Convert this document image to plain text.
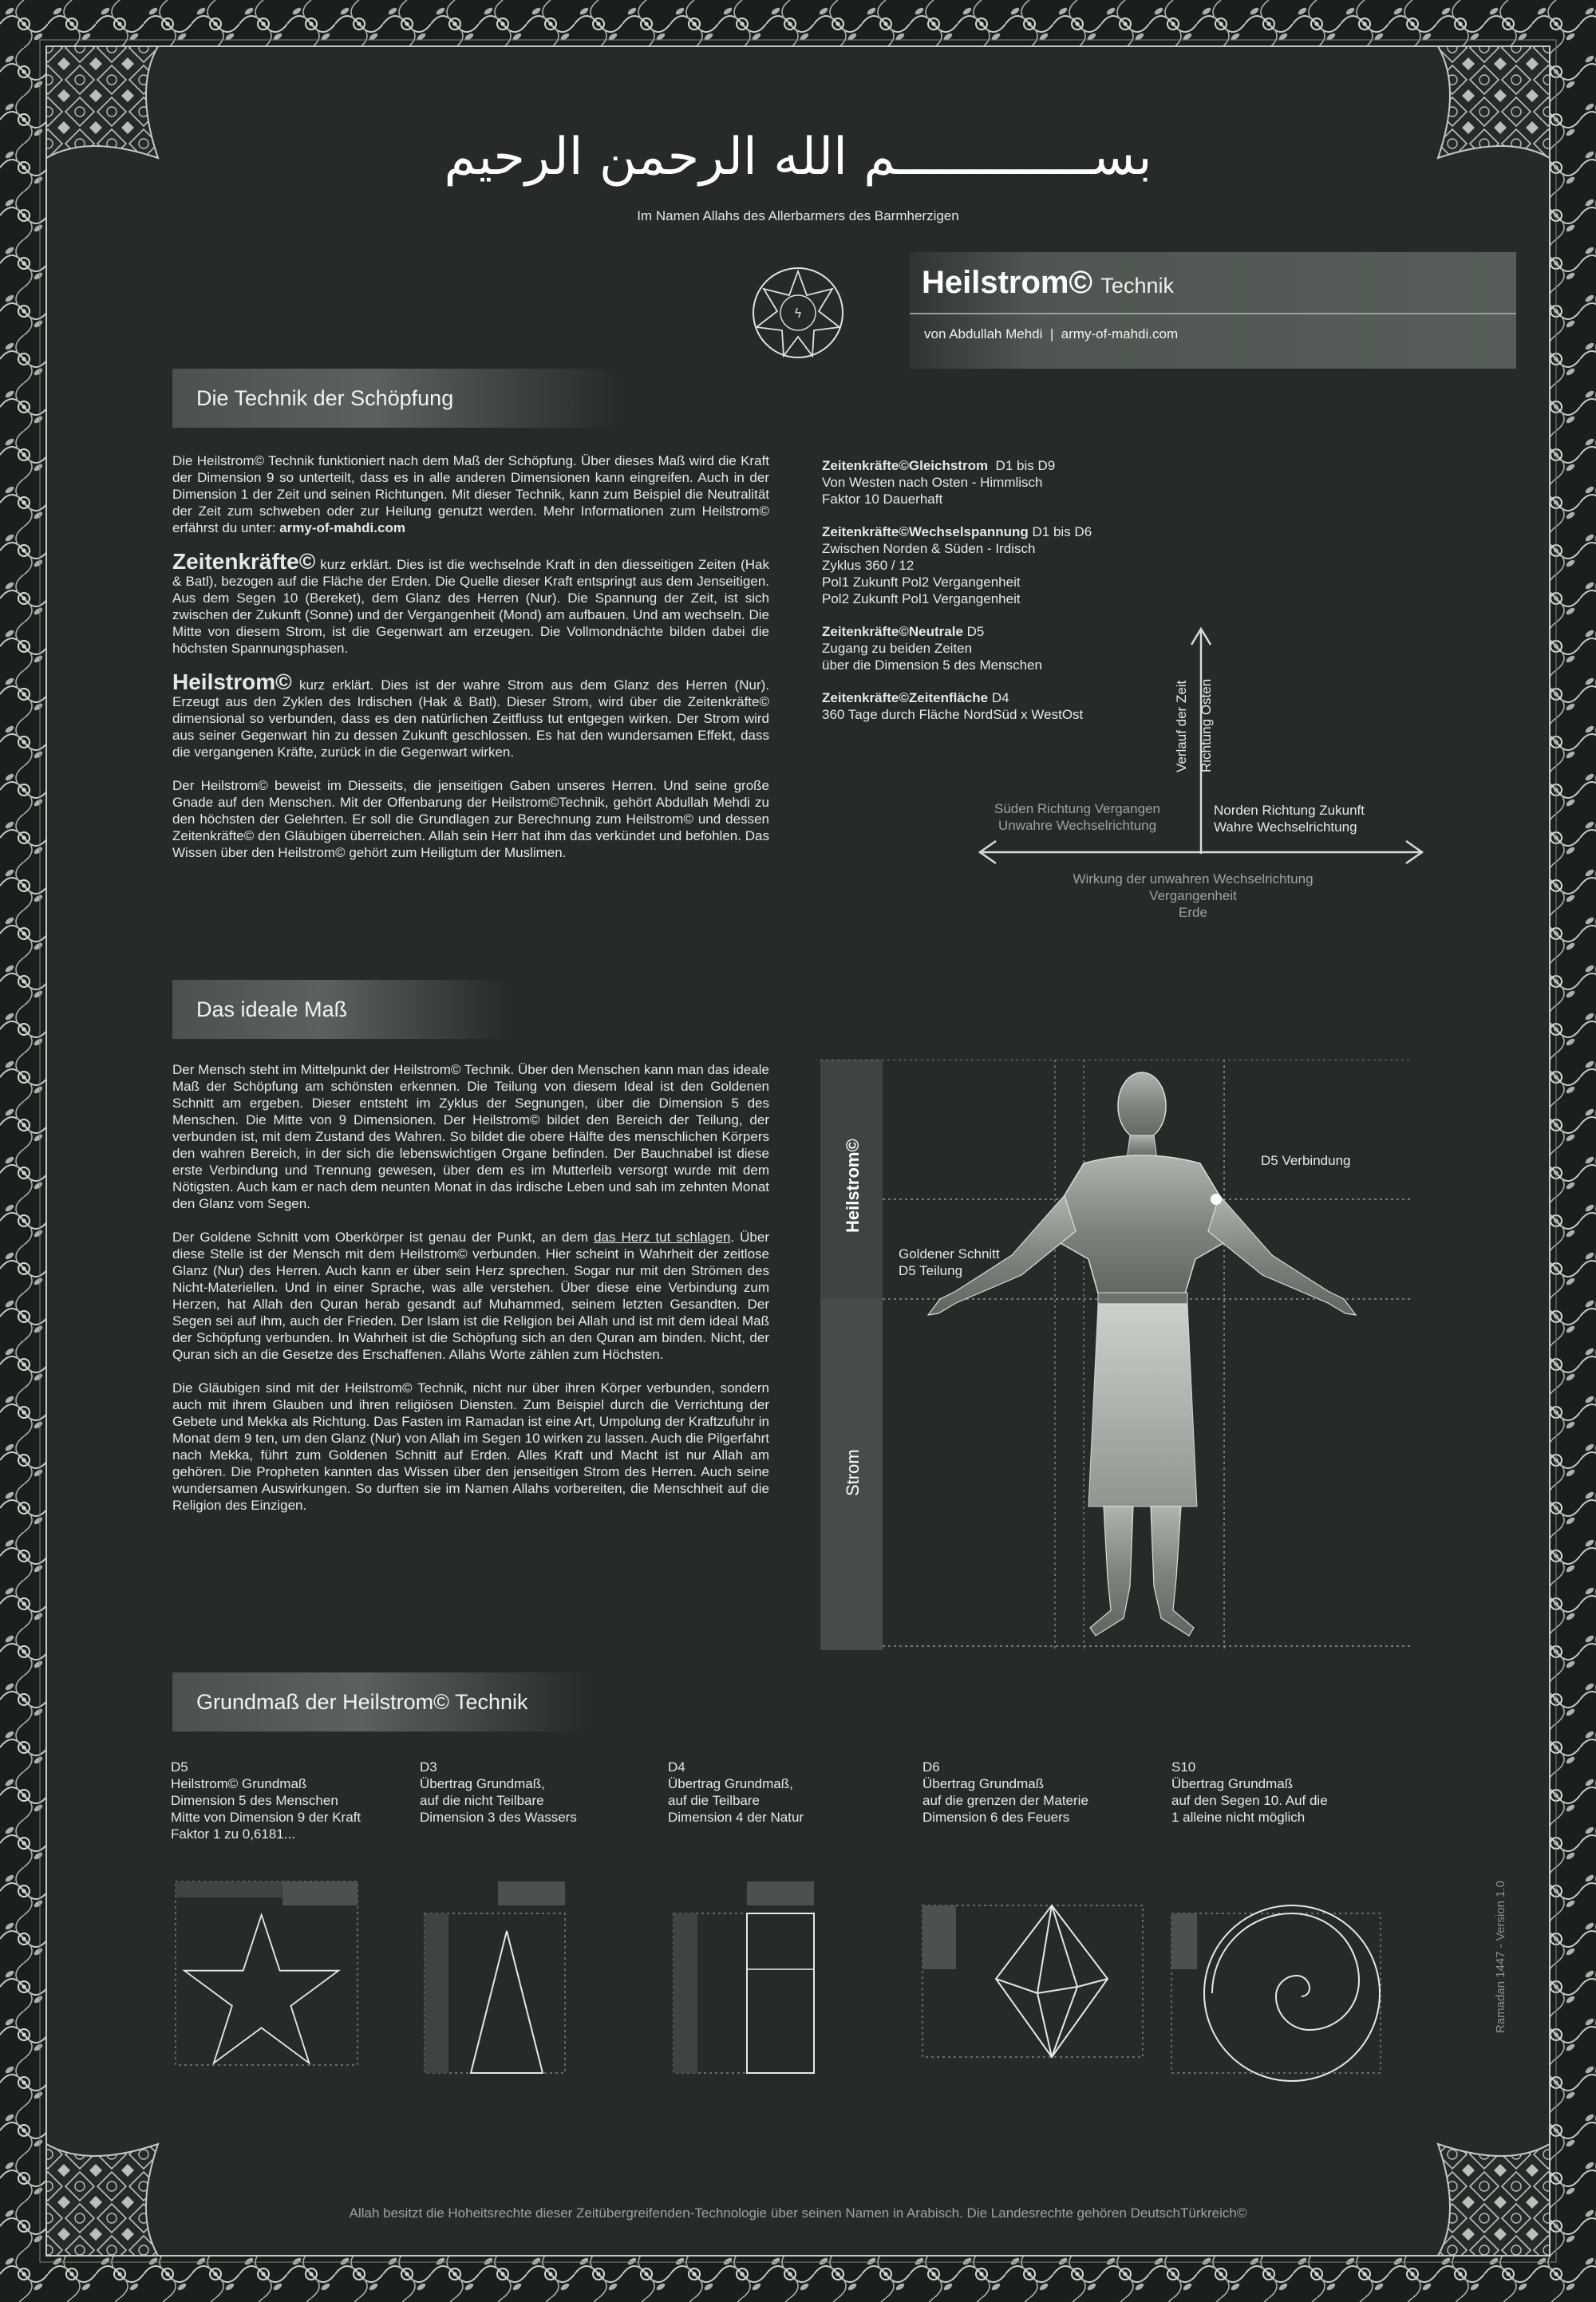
بســـــــــــــم الله الرحمن الرحيم
Im Namen Allahs des Allerbarmers des Barmherzigen
ϟ
Heilstrom© Technik
von Abdullah Mehdi  |  army-of-mahdi.com
Die Technik der Schöpfung

Die Heilstrom© Technik funktioniert nach dem Maß der Schöpfung. Über dieses Maß wird die Kraft der Dimension 9 so unterteilt, dass es in alle anderen Dimensionen kann eingreifen. Auch in der Dimension 1 der Zeit und seinen Richtungen. Mit dieser Technik, kann zum Beispiel die Neutralität der Zeit zum schweben oder zur Heilung genutzt werden. Mehr Informationen zum Heilstrom© erfährst du unter: army-of-mahdi.com

Zeitenkräfte© kurz erklärt. Dies ist die wechselnde Kraft in den diesseitigen Zeiten (Hak & Batl), bezogen auf die Fläche der Erden. Die Quelle dieser Kraft entspringt aus dem Jenseitigen. Aus dem Segen 10 (Bereket), dem Glanz des Herren (Nur). Die Spannung der Zeit, ist sich zwischen der Zukunft (Sonne) und der Vergangenheit (Mond) am aufbauen. Und am wechseln. Die Mitte von diesem Strom, ist die Gegenwart am erzeugen. Die Vollmondnächte bilden dabei die höchsten Spannungsphasen.

Heilstrom© kurz erklärt. Dies ist der wahre Strom aus dem Glanz des Herren (Nur). Erzeugt aus den Zyklen des Irdischen (Hak & Batl). Dieser Strom, wird über die Zeitenkräfte© dimensional so verbunden, dass es den natürlichen Zeitfluss tut entgegen wirken. Der Strom wird aus seiner Gegenwart hin zu dessen Zukunft geschlossen. Es hat den wundersamen Effekt, dass die vergangenen Kräfte, zurück in die Gegenwart wirken.

Der Heilstrom© beweist im Diesseits, die jenseitigen Gaben unseres Herren. Und seine große Gnade auf den Menschen. Mit der Offenbarung der Heilstrom©Technik, gehört Abdullah Mehdi zu den höchsten der Gelehrten. Er soll die Grundlagen zur Berechnung zum Heilstrom© und dessen Zeitenkräfte© den Gläubigen überreichen. Allah sein Herr hat ihm das verkündet und befohlen. Das Wissen über den Heilstrom© gehört zum Heiligtum der Muslimen.

Zeitenkräfte©Gleichstrom D1 bis D9
Von Westen nach Osten - Himmlisch
Faktor 10 Dauerhaft
Zeitenkräfte©Wechselspannung D1 bis D6
Zwischen Norden & Süden - Irdisch
Zyklus 360 / 12
Pol1 Zukunft Pol2 Vergangenheit
Pol2 Zukunft Pol1 Vergangenheit
Zeitenkräfte©Neutrale D5
Zugang zu beiden Zeiten
über die Dimension 5 des Menschen
Zeitenkräfte©Zeitenfläche D4
360 Tage durch Fläche NordSüd x WestOst	Verlauf der Zeit Richtung Osten
Süden Richtung Vergangen
Unwahre Wechselrichtung
Norden Richtung Zukunft
Wahre Wechselrichtung
Wirkung der unwahren Wechselrichtung
Vergangenheit
Erde
Das ideale Maß

Der Mensch steht im Mittelpunkt der Heilstrom© Technik. Über den Menschen kann man das ideale Maß der Schöpfung am schönsten erkennen. Die Teilung von diesem Ideal ist den Goldenen Schnitt am ergeben. Dieser entsteht im Zyklus der Segnungen, über die Dimension 5 des Menschen. Die Mitte von 9 Dimensionen. Der Heilstrom© bildet den Bereich der Teilung, der verbunden ist, mit dem Zustand des Wahren. So bildet die obere Hälfte des menschlichen Körpers den wahren Bereich, in der sich die lebenswichtigen Organe befinden. Der Bauchnabel ist diese erste Verbindung und Trennung gewesen, über dem es im Mutterleib versorgt wurde mit dem Nötigsten. Auch kam er nach dem neunten Monat in das irdische Leben und sah im zehnten Monat den Glanz vom Segen.

Der Goldene Schnitt vom Oberkörper ist genau der Punkt, an dem das Herz tut schlagen. Über diese Stelle ist der Mensch mit dem Heilstrom© verbunden. Hier scheint in Wahrheit der zeitlose Glanz (Nur) des Herren. Auch kann er über sein Herz sprechen. Sogar nur mit den Strömen des Nicht-Materiellen. Und in einer Sprache, was alle verstehen. Über diese eine Verbindung zum Herzen, hat Allah den Quran herab gesandt auf Muhammed, seinem letzten Gesandten. Der Segen sei auf ihm, auch der Frieden. Der Islam ist die Religion bei Allah und ist mit dem ideal Maß der Schöpfung verbunden. In Wahrheit ist die Schöpfung sich an den Quran am binden. Nicht, der Quran sich an die Gesetze des Erschaffenen. Allahs Worte zählen zum Höchsten.

Die Gläubigen sind mit der Heilstrom© Technik, nicht nur über ihren Körper verbunden, sondern auch mit ihrem Glauben und ihren religiösen Diensten. Zum Beispiel durch die Verrichtung der Gebete und Mekka als Richtung. Das Fasten im Ramadan ist eine Art, Umpolung der Kraftzufuhr in Monat dem 9 ten, um den Glanz (Nur) von Allah im Segen 10 wirken zu lassen. Auch die Pilgerfahrt nach Mekka, führt zum Goldenen Schnitt auf Erden. Alles Kraft und Macht ist nur Allah am gehören. Die Propheten kannten das Wissen über den jenseitigen Strom des Herren. Auch seine wundersamen Auswirkungen. So durften sie im Namen Allahs vorbereiten, die Menschheit auf die Religion des Einzigen.

Heilstrom©
Strom
D5 Verbindung
Goldener Schnitt
D5 Teilung
Grundmaß der Heilstrom© Technik
D5
Heilstrom© Grundmaß
Dimension 5 des Menschen
Mitte von Dimension 9 der Kraft
Faktor 1 zu 0,6181...
D3
Übertrag Grundmaß,
auf die nicht Teilbare
Dimension 3 des Wassers
D4
Übertrag Grundmaß,
auf die Teilbare
Dimension 4 der Natur
D6
Übertrag Grundmaß
auf die grenzen der Materie
Dimension 6 des Feuers
S10
Übertrag Grundmaß
auf den Segen 10. Auf die
1 alleine nicht möglich
Ramadan 1447 - Version 1.0
Allah besitzt die Hoheitsrechte dieser Zeitübergreifenden-Technologie über seinen Namen in Arabisch. Die Landesrechte gehören DeutschTürkreich©
